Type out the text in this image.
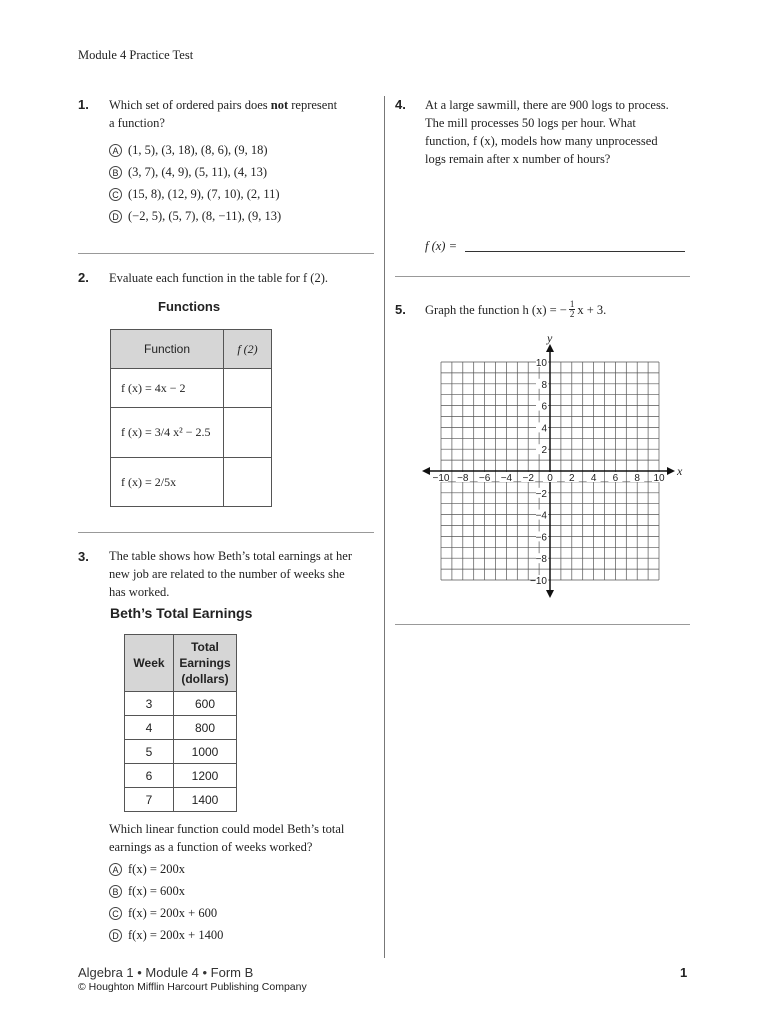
Module 4 Practice Test
1. Which set of ordered pairs does not represent
a function?
A (1, 5), (3, 18), (8, 6), (9, 18)
B (3, 7), (4, 9), (5, 11), (4, 13)
C (15, 8), (12, 9), (7, 10), (2, 11)
D (−2, 5), (5, 7), (8, −11), (9, 13)
2. Evaluate each function in the table for f (2).
Functions
Function	f (2)
f (x) = 4x − 2	
f (x) = 3/4 x² − 2.5	
f (x) = 2/5x	
3. The table shows how Beth’s total earnings at her
new job are related to the number of weeks she
has worked.
Beth’s Total Earnings
Week	Total Earnings (dollars)
3	600
4	800
5	1000
6	1200
7	1400
Which linear function could model Beth’s total
earnings as a function of weeks worked?
A f(x) = 200x
B f(x) = 600x
C f(x) = 200x + 600
D f(x) = 200x + 1400
4. At a large sawmill, there are 900 logs to process.
The mill processes 50 logs per hour. What
function, f (x), models how many unprocessed
logs remain after x number of hours?
f (x) =
5. Graph the function h (x) = − $\frac{1}{2}$ x + 3.
x
y
−10 −8 −6 −4 −2 0 2 4 6 8 10
10
8
6
4
2
−2
−4
−6
−8
−10
Algebra 1 • Module 4 • Form B
© Houghton Mifflin Harcourt Publishing Company
1
